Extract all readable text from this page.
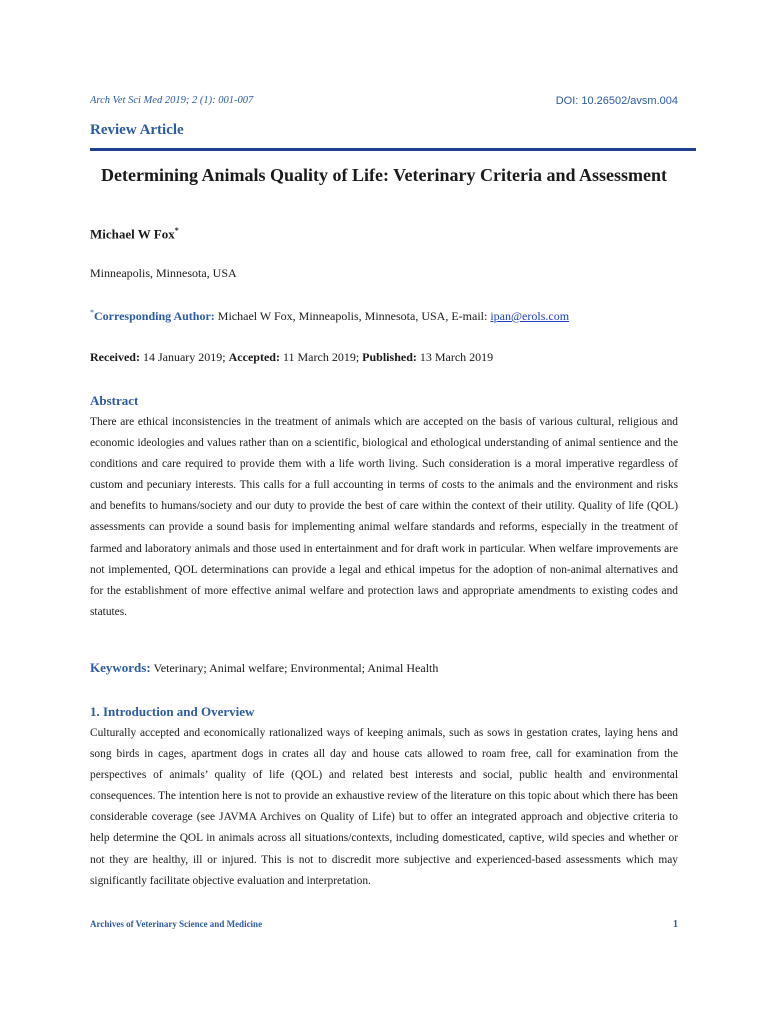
Arch Vet Sci Med 2019; 2 (1): 001-007	DOI: 10.26502/avsm.004
Review Article
Determining Animals Quality of Life: Veterinary Criteria and Assessment
Michael W Fox*
Minneapolis, Minnesota, USA
*Corresponding Author: Michael W Fox, Minneapolis, Minnesota, USA, E-mail: ipan@erols.com
Received: 14 January 2019; Accepted: 11 March 2019; Published: 13 March 2019
Abstract

There are ethical inconsistencies in the treatment of animals which are accepted on the basis of various cultural, religious and economic ideologies and values rather than on a scientific, biological and ethological understanding of animal sentience and the conditions and care required to provide them with a life worth living. Such consideration is a moral imperative regardless of custom and pecuniary interests. This calls for a full accounting in terms of costs to the animals and the environment and risks and benefits to humans/society and our duty to provide the best of care within the context of their utility. Quality of life (QOL) assessments can provide a sound basis for implementing animal welfare standards and reforms, especially in the treatment of farmed and laboratory animals and those used in entertainment and for draft work in particular. When welfare improvements are not implemented, QOL determinations can provide a legal and ethical impetus for the adoption of non-animal alternatives and for the establishment of more effective animal welfare and protection laws and appropriate amendments to existing codes and statutes.

Keywords: Veterinary; Animal welfare; Environmental; Animal Health
1. Introduction and Overview

Culturally accepted and economically rationalized ways of keeping animals, such as sows in gestation crates, laying hens and song birds in cages, apartment dogs in crates all day and house cats allowed to roam free, call for examination from the perspectives of animals’ quality of life (QOL) and related best interests and social, public health and environmental consequences. The intention here is not to provide an exhaustive review of the literature on this topic about which there has been considerable coverage (see JAVMA Archives on Quality of Life) but to offer an integrated approach and objective criteria to help determine the QOL in animals across all situations/contexts, including domesticated, captive, wild species and whether or not they are healthy, ill or injured. This is not to discredit more subjective and experienced-based assessments which may significantly facilitate objective evaluation and interpretation.

Archives of Veterinary Science and Medicine	1
